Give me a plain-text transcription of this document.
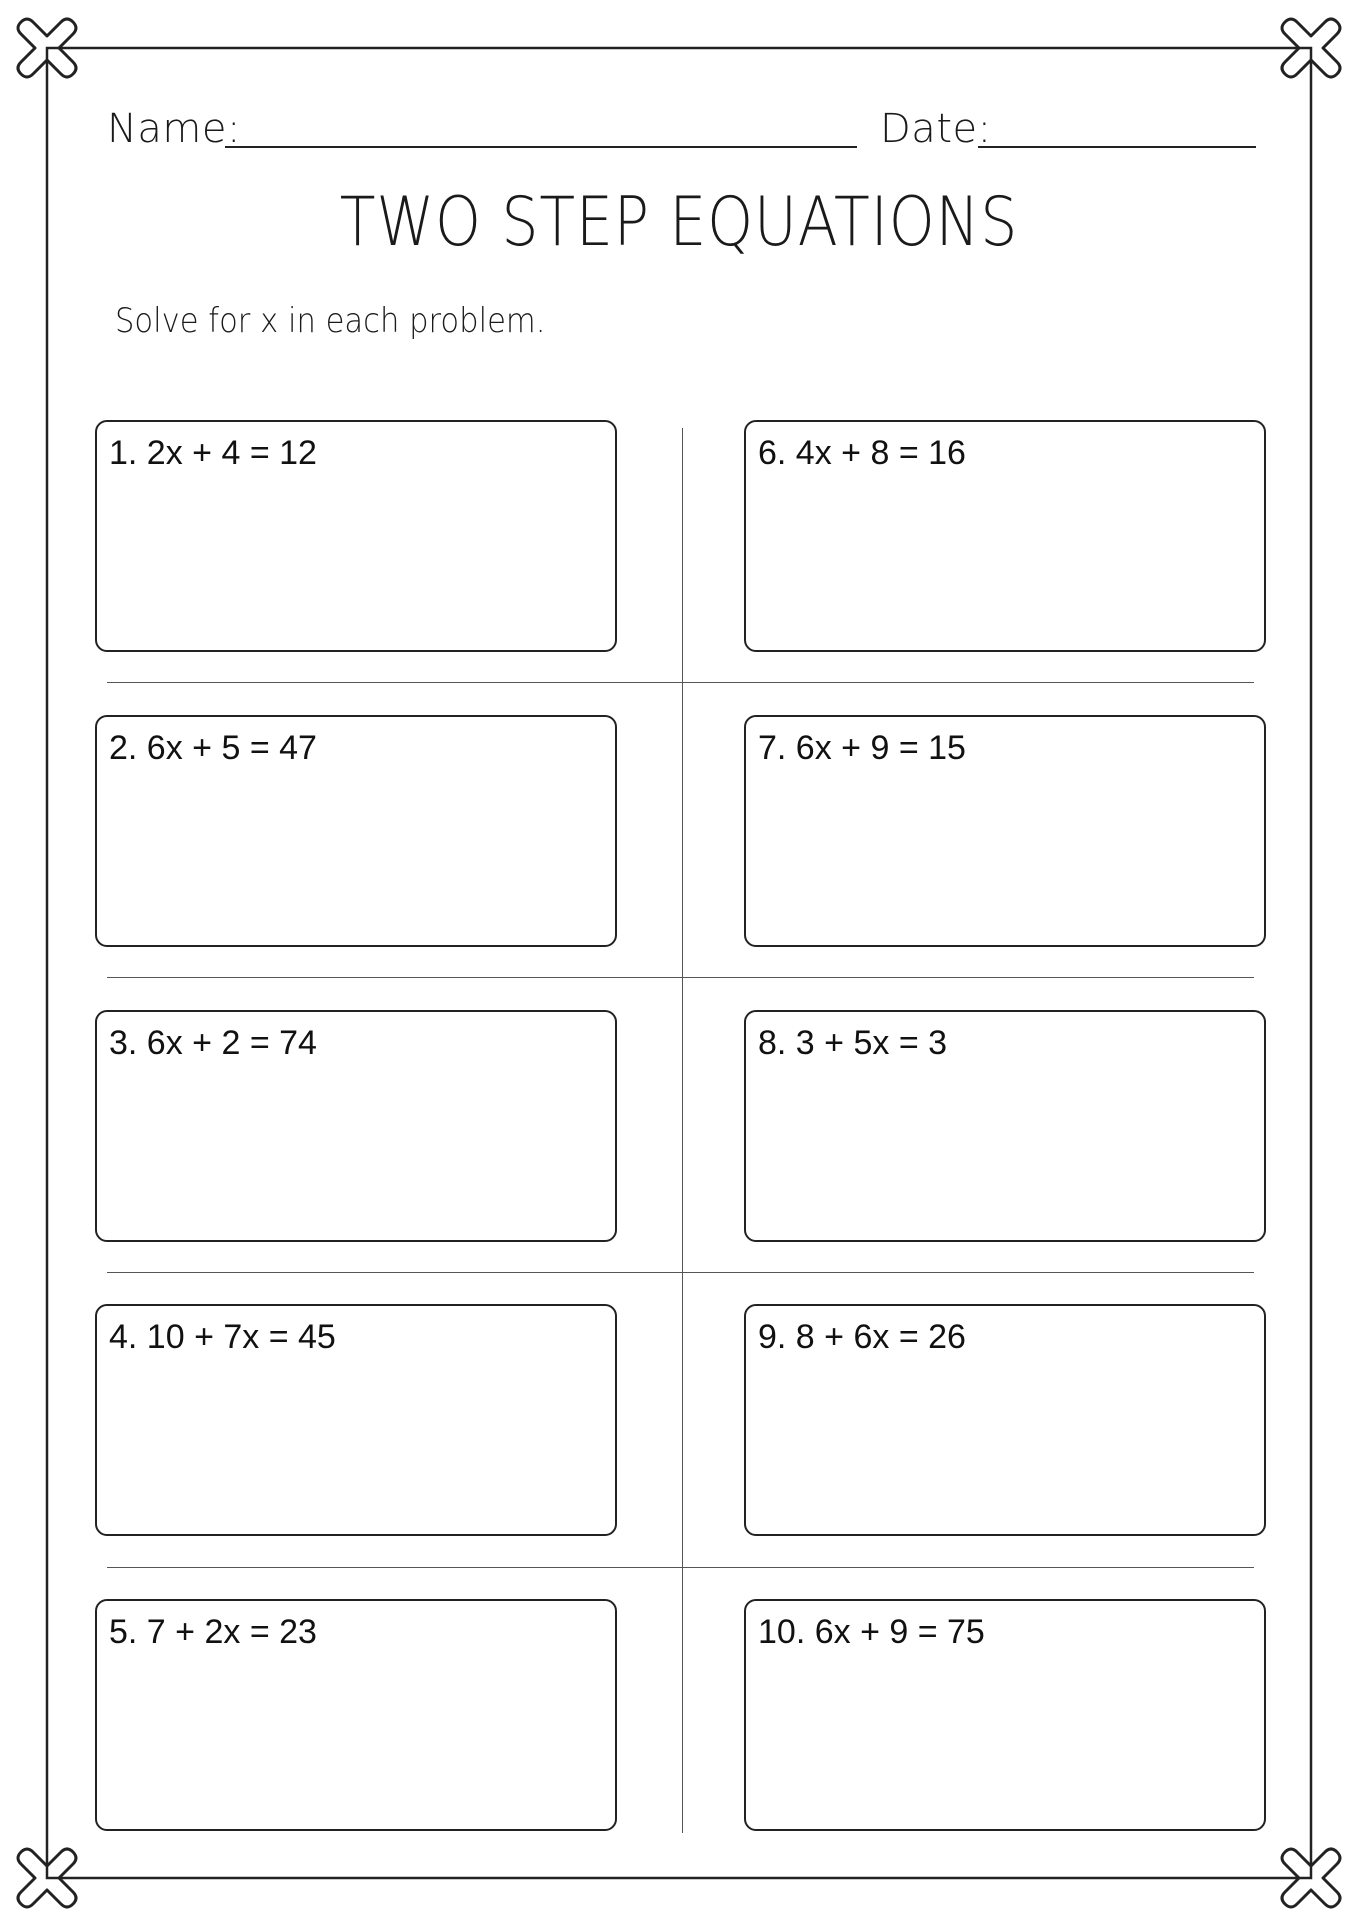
Name:	Date:
TWO STEP EQUATIONS
Solve for x in each problem.
1. 2x + 4 = 12
2. 6x + 5 = 47
3. 6x + 2 = 74
4. 10 + 7x = 45
5. 7 + 2x = 23
6. 4x + 8 = 16
7. 6x + 9 = 15
8. 3 + 5x = 3
9. 8 + 6x = 26
10. 6x + 9 = 75
